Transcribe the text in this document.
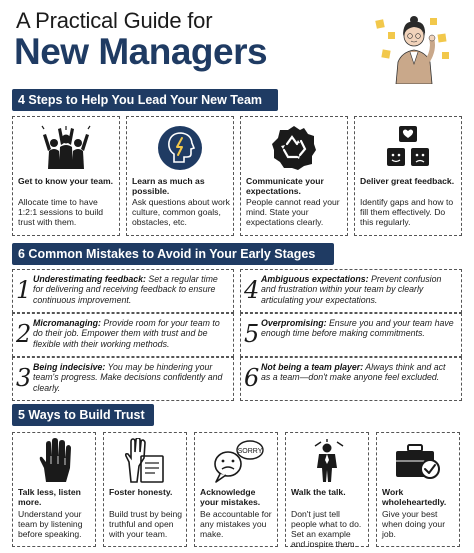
A Practical Guide for
New Managers
4 Steps to Help You Lead Your New Team
Get to know your team.
Allocate time to have 1:2:1 sessions to build trust with them.
Learn as much as possible.
Ask questions about work culture, common goals, obstacles, etc.
Communicate your expectations.
People cannot read your mind. State your expectations clearly.
Deliver great feedback.
Identify gaps and how to fill them effectively. Do this regularly.
6 Common Mistakes to Avoid in Your Early Stages
1 Underestimating feedback: Set a regular time for delivering and receiving feedback to ensure continuous improvement.	4 Ambiguous expectations: Prevent confusion and frustration within your team by clearly articulating your expectations.
2 Micromanaging: Provide room for your team to do their job. Empower them with trust and be flexible with their working methods.	5 Overpromising: Ensure you and your team have enough time before making commitments.
3 Being indecisive: You may be hindering your team's progress. Make decisions confidently and clearly.	6 Not being a team player: Always think and act as a team—don't make anyone feel excluded.
5 Ways to Build Trust
Talk less, listen more.
Understand your team by listening before speaking.
Foster honesty.
Build trust by being truthful and open with your team.
SORRY
Acknowledge your mistakes.
Be accountable for any mistakes you make.
Walk the talk.
Don't just tell people what to do. Set an example and inspire them.
Work wholeheartedly.
Give your best when doing your job.
